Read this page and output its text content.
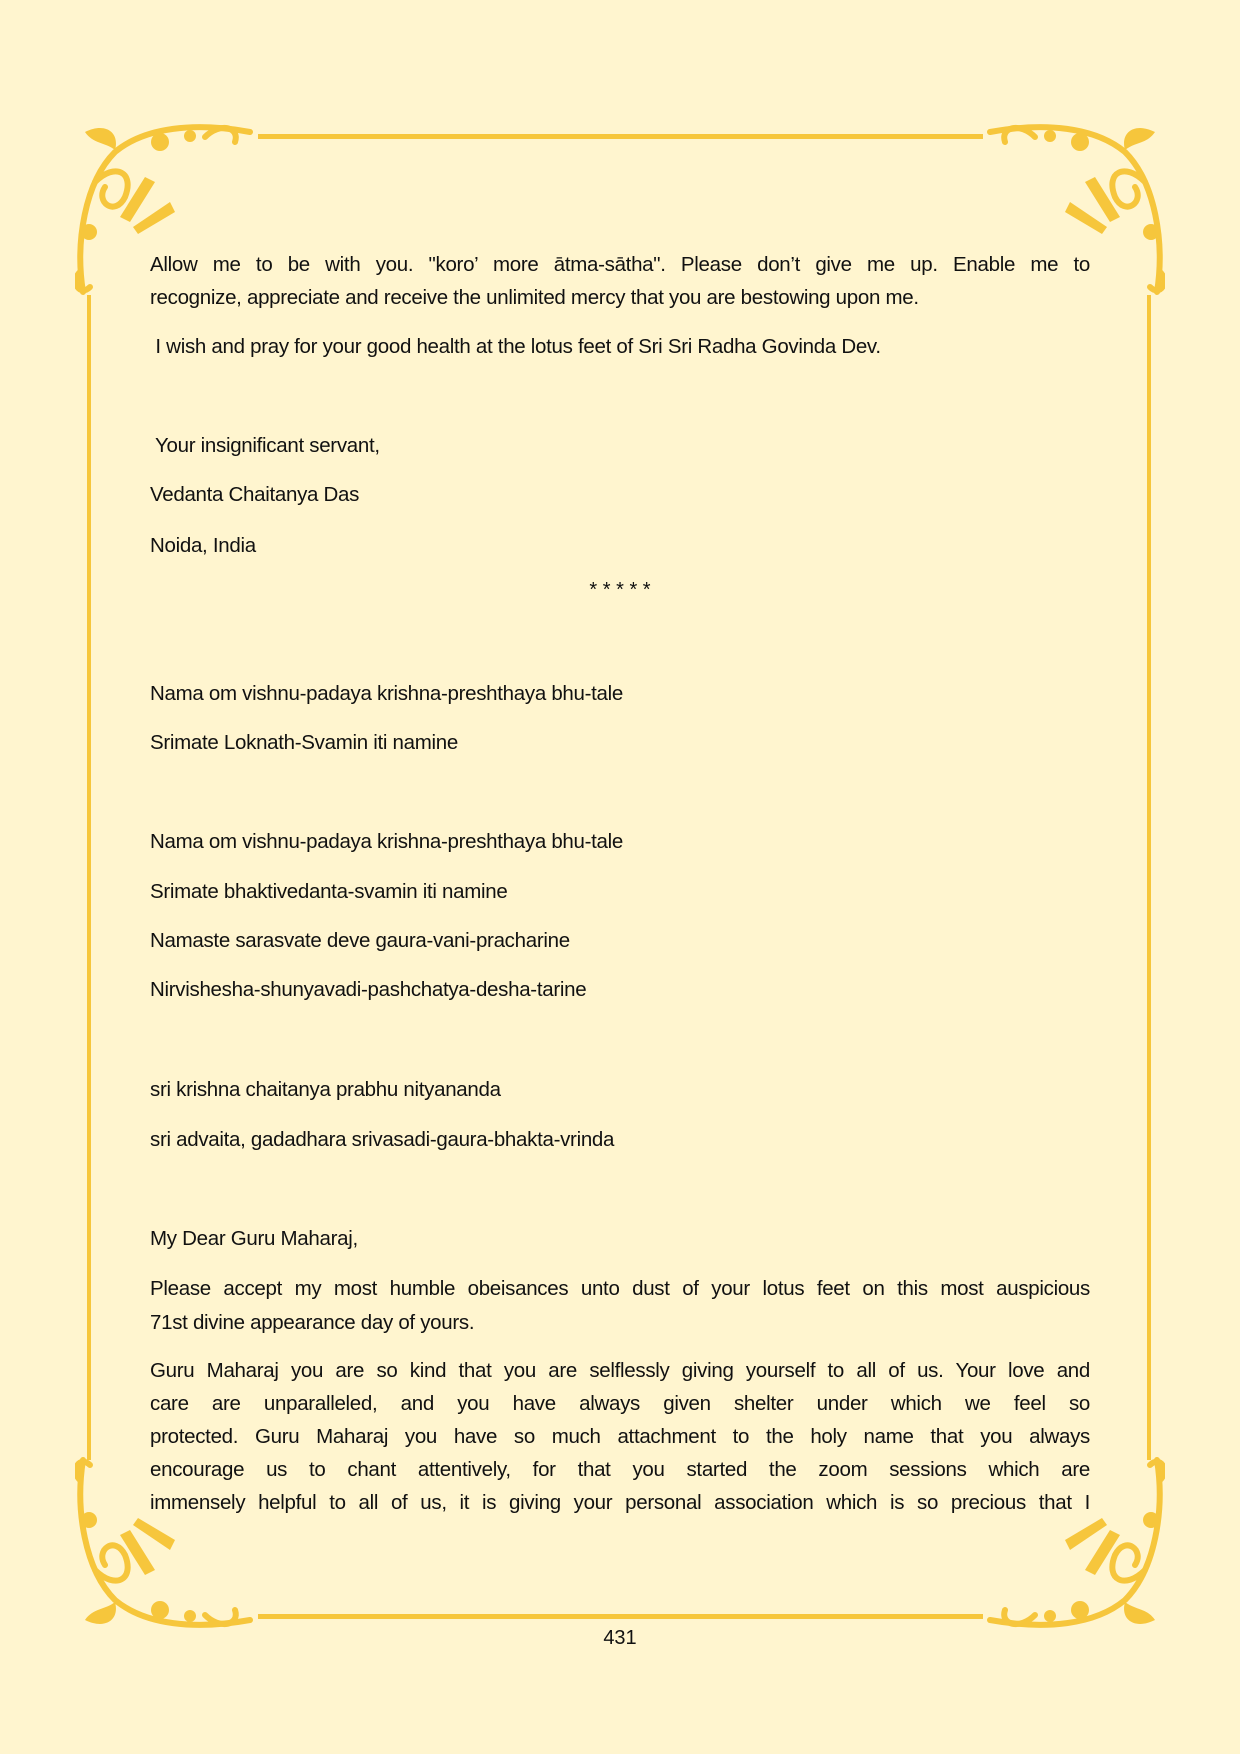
Allow me to be with you. "koro’ more ātma-sātha". Please don’t give me up. Enable me to
recognize, appreciate and receive the unlimited mercy that you are bestowing upon me.
I wish and pray for your good health at the lotus feet of Sri Sri Radha Govinda Dev.
Your insignificant servant,
Vedanta Chaitanya Das
Noida, India
* * * * *
Nama om vishnu-padaya krishna-preshthaya bhu-tale
Srimate Loknath-Svamin iti namine
Nama om vishnu-padaya krishna-preshthaya bhu-tale
Srimate bhaktivedanta-svamin iti namine
Namaste sarasvate deve gaura-vani-pracharine
Nirvishesha-shunyavadi-pashchatya-desha-tarine
sri krishna chaitanya prabhu nityananda
sri advaita, gadadhara srivasadi-gaura-bhakta-vrinda
My Dear Guru Maharaj,
Please accept my most humble obeisances unto dust of your lotus feet on this most auspicious
71st divine appearance day of yours.
Guru Maharaj you are so kind that you are selflessly giving yourself to all of us. Your love and
care are unparalleled, and you have always given shelter under which we feel so
protected. Guru Maharaj you have so much attachment to the holy name that you always
encourage us to chant attentively, for that you started the zoom sessions which are
immensely helpful to all of us, it is giving your personal association which is so precious that I
431
